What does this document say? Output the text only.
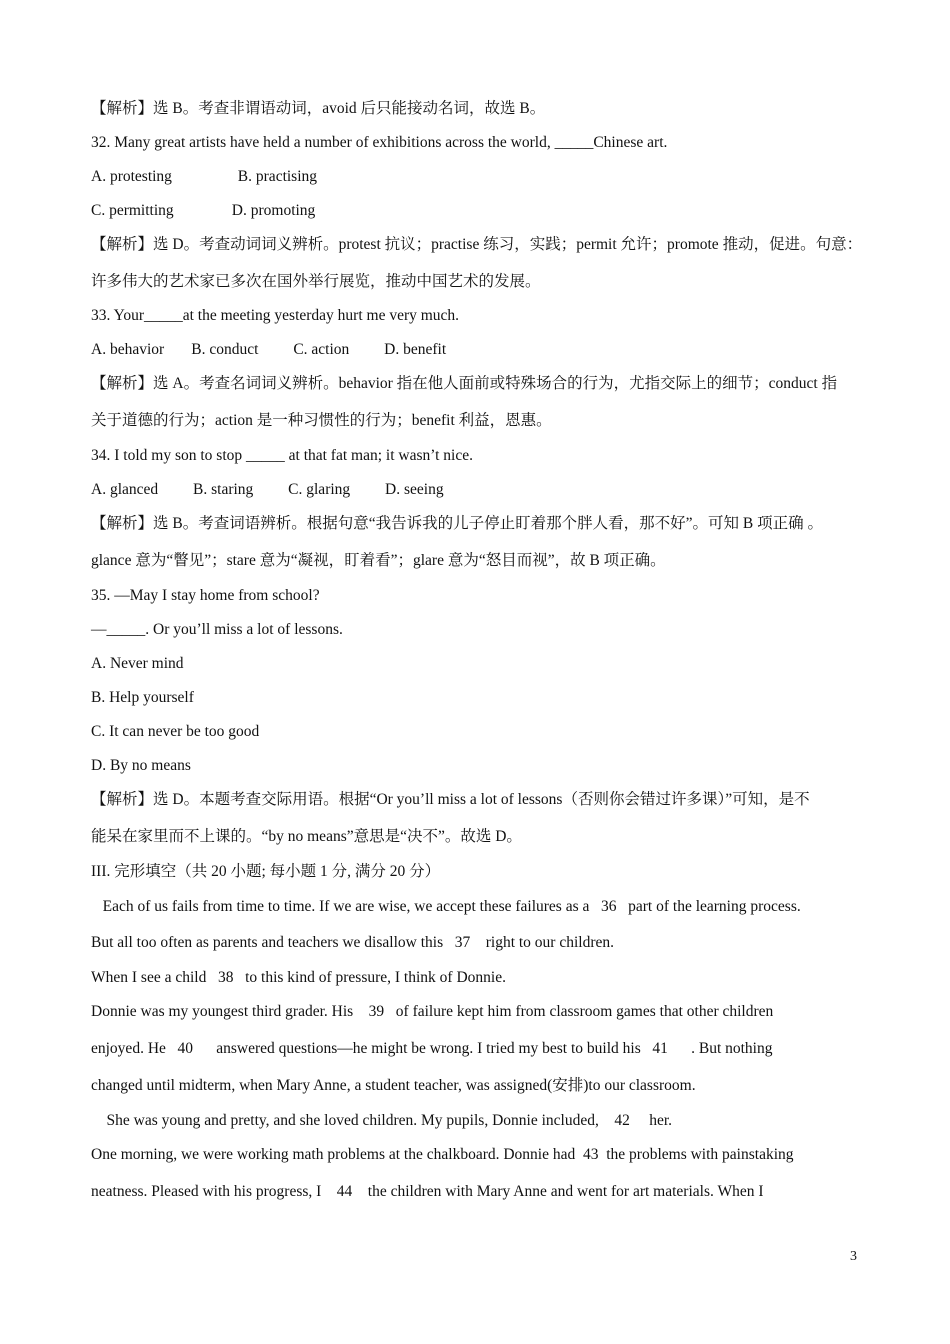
【解析】选 B。考查非谓语动词，avoid 后只能接动名词，故选 B。
32. Many great artists have held a number of exhibitions across the world, _____Chinese art.
A. protesting                 B. practising
C. permitting               D. promoting
【解析】选 D。考查动词词义辨析。protest 抗议；practise 练习，实践；permit 允许；promote 推动，促进。句意：
许多伟大的艺术家已多次在国外举行展览，推动中国艺术的发展。
33. Your_____at the meeting yesterday hurt me very much.
A. behavior       B. conduct         C. action         D. benefit
【解析】选 A。考查名词词义辨析。behavior 指在他人面前或特殊场合的行为，尤指交际上的细节；conduct 指
关于道德的行为；action 是一种习惯性的行为；benefit 利益，恩惠。
34. I told my son to stop _____ at that fat man; it wasn’t nice.
A. glanced         B. staring         C. glaring         D. seeing
【解析】选 B。考查词语辨析。根据句意“我告诉我的儿子停止盯着那个胖人看，那不好”。可知 B 项正确 。
glance 意为“瞥见”；stare 意为“凝视，盯着看”；glare 意为“怒目而视”，故 B 项正确。
35. —May I stay home from school?
—_____. Or you’ll miss a lot of lessons.
A. Never mind
B. Help yourself
C. It can never be too good
D. By no means
【解析】选 D。本题考查交际用语。根据“Or you’ll miss a lot of lessons（否则你会错过许多课）”可知，是不
能呆在家里而不上课的。“by no means”意思是“决不”。故选 D。
III. 完形填空（共 20 小题; 每小题 1 分, 满分 20 分）
Each of us fails from time to time. If we are wise, we accept these failures as a   36   part of the learning process.
But all too often as parents and teachers we disallow this   37    right to our children.
When I see a child   38   to this kind of pressure, I think of Donnie.
Donnie was my youngest third grader. His    39   of failure kept him from classroom games that other children
enjoyed. He   40      answered questions—he might be wrong. I tried my best to build his   41      . But nothing
changed until midterm, when Mary Anne, a student teacher, was assigned(安排)to our classroom.
She was young and pretty, and she loved children. My pupils, Donnie included,    42     her.
One morning, we were working math problems at the chalkboard. Donnie had  43  the problems with painstaking
neatness. Pleased with his progress, I    44    the children with Mary Anne and went for art materials. When I
3
